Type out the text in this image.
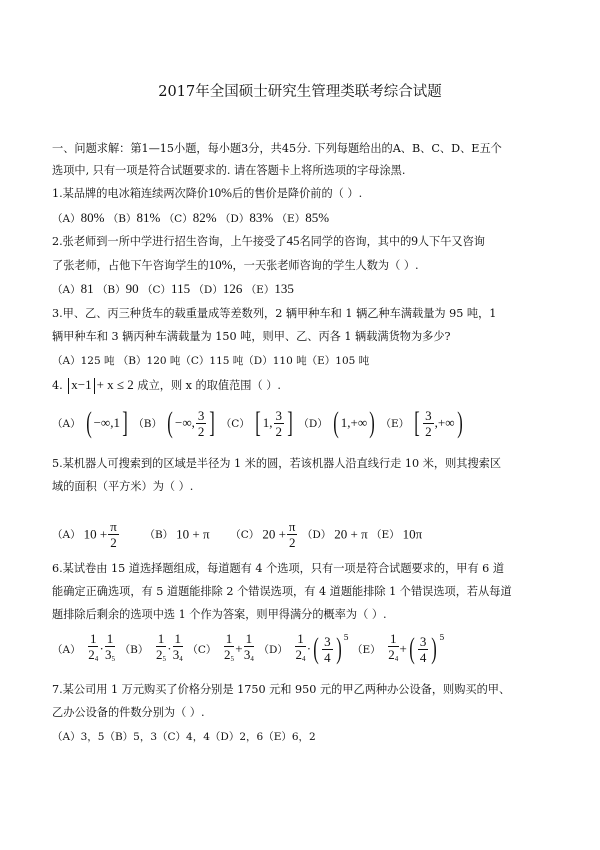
2017年全国硕士研究生管理类联考综合试题
一、问题求解：第1—15小题，每小题3分，共45分. 下列每题给出的A、B、C、D、E五个
选项中, 只有一项是符合试题要求的. 请在答题卡上将所选项的字母涂黑.
1.某品牌的电冰箱连续两次降价10%后的售价是降价前的（ ）.
（A）80% （B）81% （C）82% （D）83% （E）85%
2.张老师到一所中学进行招生咨询，上午接受了45名同学的咨询，其中的9人下午又咨询
了张老师，占他下午咨询学生的10%，一天张老师咨询的学生人数为（ ）.
（A）81 （B）90 （C）115 （D）126 （E）135
3.甲、乙、丙三种货车的载重量成等差数列，2 辆甲种车和 1 辆乙种车满载量为 95 吨，1
辆甲种车和 3 辆丙种车满载量为 150 吨，则甲、乙、丙各 1 辆载满货物为多少?
（A）125 吨 （B）120 吨（C）115 吨（D）110 吨（E）105 吨
4. x−1 + x ≤ 2 成立，则 x 的取值范围（ ）.
（A） ( −∞,1] （B） ( −∞, $\frac{3}{2}$ ] （C） [ 1, $\frac{3}{2}$ ] （D） ( 1,+∞) （E） [ $\frac{3}{2}$ ,+∞)
5.某机器人可搜索到的区域是半径为 1 米的圆，若该机器人沿直线行走 10 米，则其搜索区
域的面积（平方米）为（ ）.
（A） $10 + \frac{\pi}{2} (B) 10 + \pi$ （C） $20 + \frac{\pi}{2} (D) 20 + \pi$ （E） 10π
6.某试卷由 15 道选择题组成，每道题有 4 个选项，只有一项是符合试题要求的，甲有 6 道
能确定正确选项，有 5 道题能排除 2 个错误选项，有 4 道题能排除 1 个错误选项，若从每道
题排除后剩余的选项中选 1 个作为答案，则甲得满分的概率为（ ）.
$(A) \frac{1}{24} \cdot \frac{1}{35} (B) \frac{1}{25} \cdot \frac{1}{34} (C) \frac{1}{25} + \frac{1}{34} (D) \frac{1}{24}$ ·( $\frac{3}{4}$ ) $^5$ $(E) \frac{1}{24}$ +( $\frac{3}{4}$ ) $^5$
7.某公司用 1 万元购买了价格分别是 1750 元和 950 元的甲乙两种办公设备，则购买的甲、
乙办公设备的件数分别为（ ）.
（A）3，5（B）5，3（C）4，4（D）2，6（E）6，2
